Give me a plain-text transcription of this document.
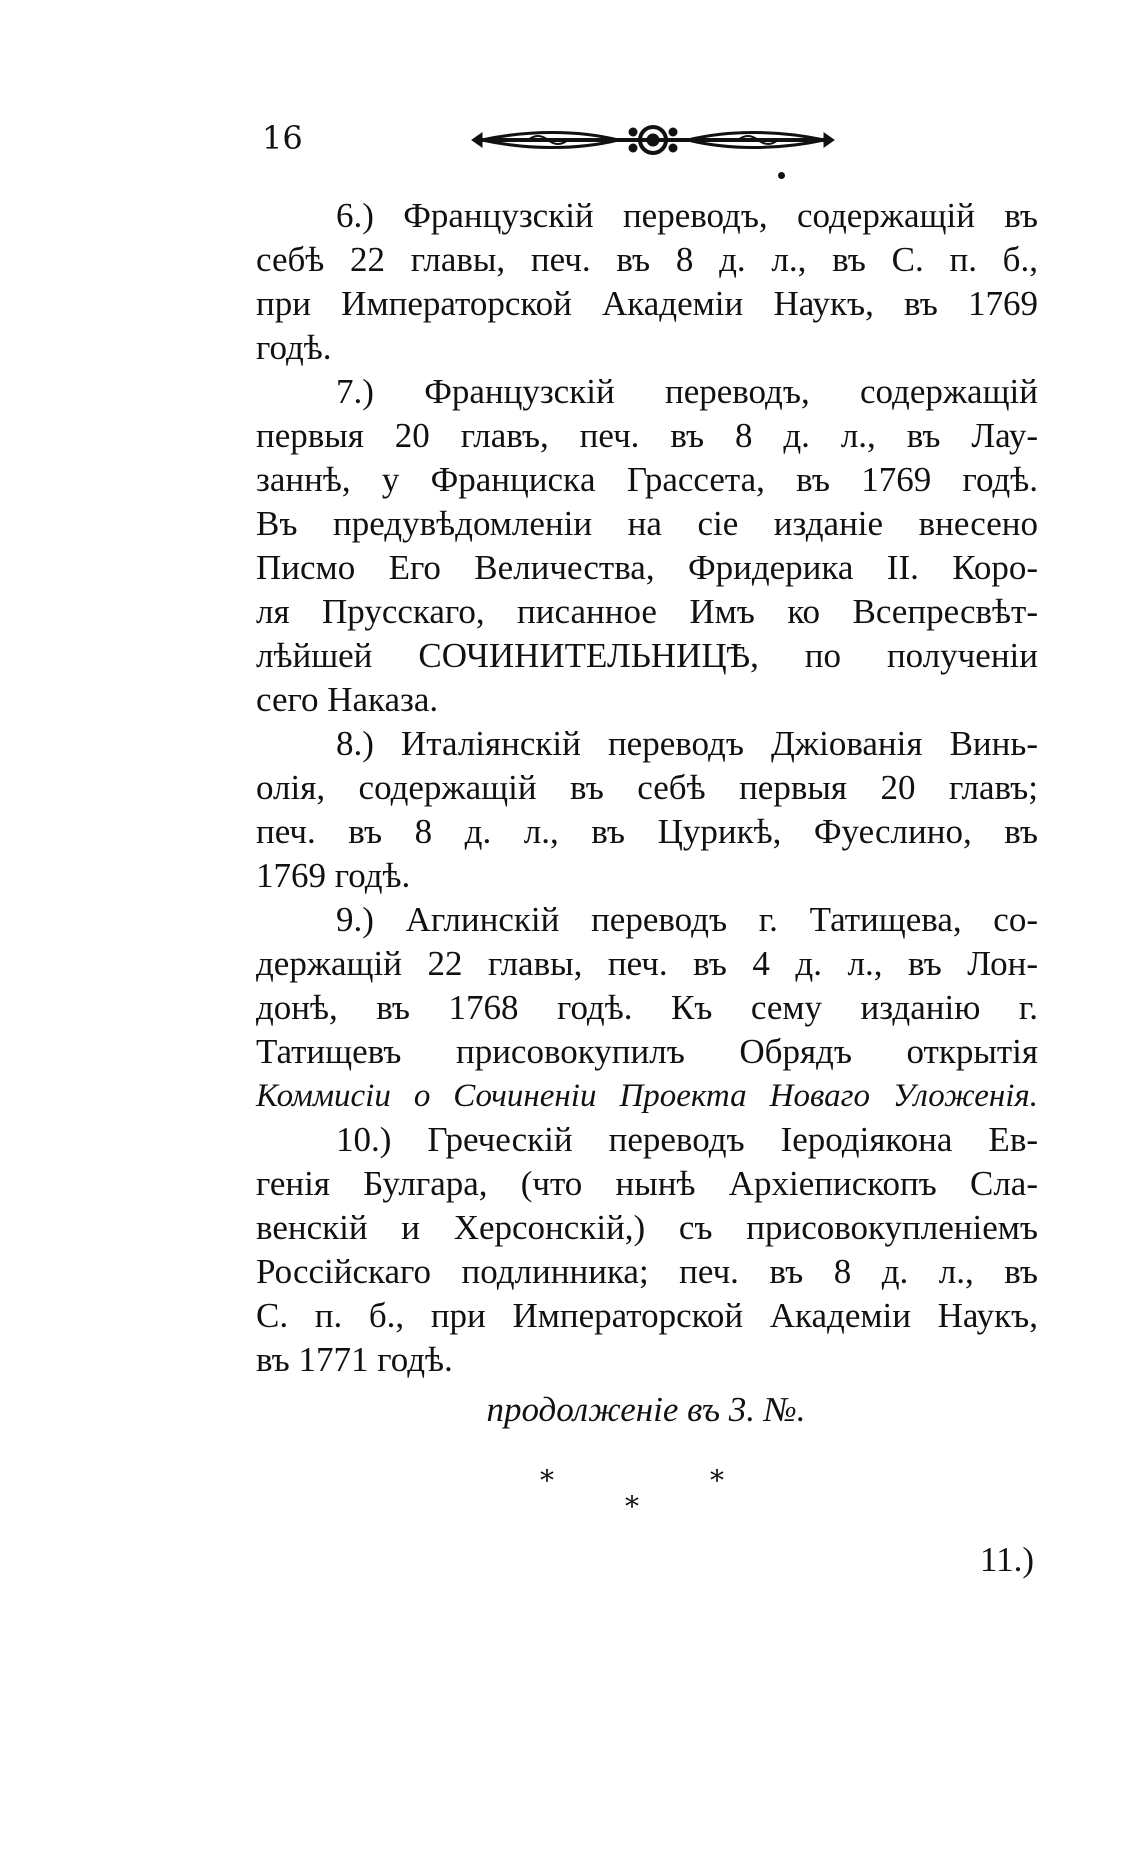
16
6.) Французскій переводъ, содержащій въ
себѣ 22 главы, печ. въ 8 д. л., въ С. п. б.,
при Императорской Академіи Наукъ, въ 1769
годѣ.
7.) Французскій переводъ, содержащій
первыя 20 главъ, печ. въ 8 д. л., въ Лау-
заннѣ, у Францискa Грассета, въ 1769 годѣ.
Въ предувѣдомленіи на сіе изданіе внесено
Писмо Его Величества, Фридерика II. Коро-
ля Прусскаго, писанное Имъ ко Всепресвѣт-
лѣйшей СОЧИНИТЕЛЬНИЦѢ, по полученіи
сего Наказа.
8.) Италіянскій переводъ Джіованія Винь-
олія, содержащій въ себѣ первыя 20 главъ;
печ. въ 8 д. л., въ Цурикѣ, Фуеслино, въ
1769 годѣ.
9.) Аглинскій переводъ г. Татищева, со-
держащій 22 главы, печ. въ 4 д. л., въ Лон-
донѣ, въ 1768 годѣ. Къ сему изданію г.
Татищевъ присовокупилъ Обрядъ открытія
Коммисіи о Сочиненіи Проекта Новаго Уложенія.
10.) Греческій переводъ Іеродіякона Ев-
генія Булгара, (что нынѣ Архіепископъ Сла-
венскій и Херсонскій,) съ присовокупленіемъ
Россійскаго подлинника; печ. въ 8 д. л., въ
С. п. б., при Императорской Академіи Наукъ,
въ 1771 годѣ.
продолженіе въ 3. №.
*
*
*
11.)
